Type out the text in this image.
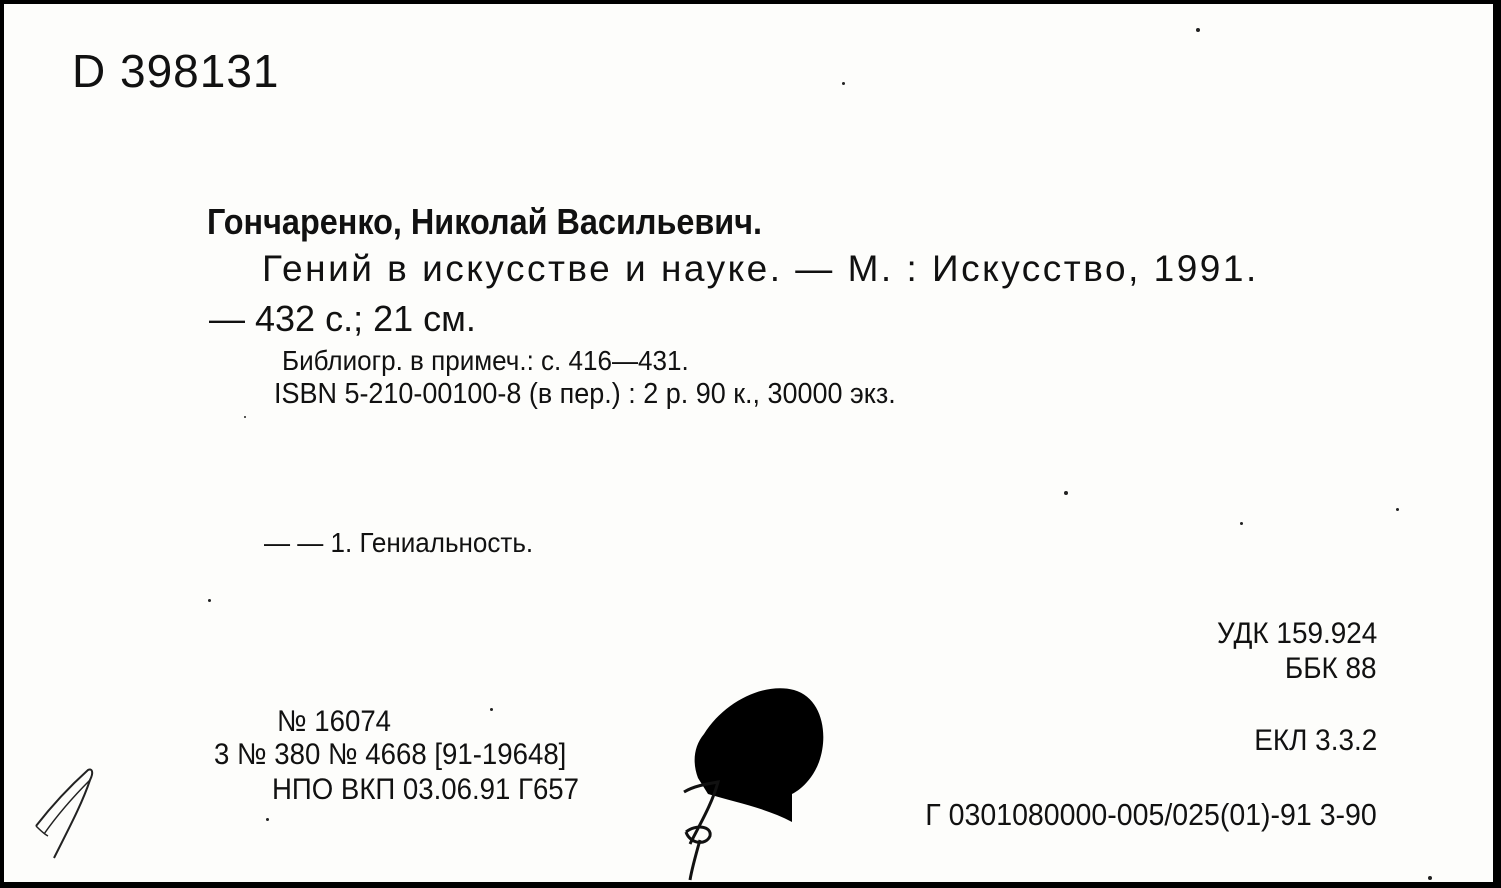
D 398131
Гончаренко, Николай Васильевич.
Гений в искусстве и науке. — М. : Искусство, 1991.
— 432 с.; 21 см.
Библиогр. в примеч.: с. 416—431.
ISBN 5-210-00100-8 (в пер.) : 2 р. 90 к., 30000 экз.
— — 1. Гениальность.
УДК 159.924
ББК 88
ЕКЛ 3.3.2
№ 16074
3 № 380 № 4668 [91-19648]
НПО ВКП 03.06.91 Г657
Г 0301080000-005/025(01)-91 3-90
